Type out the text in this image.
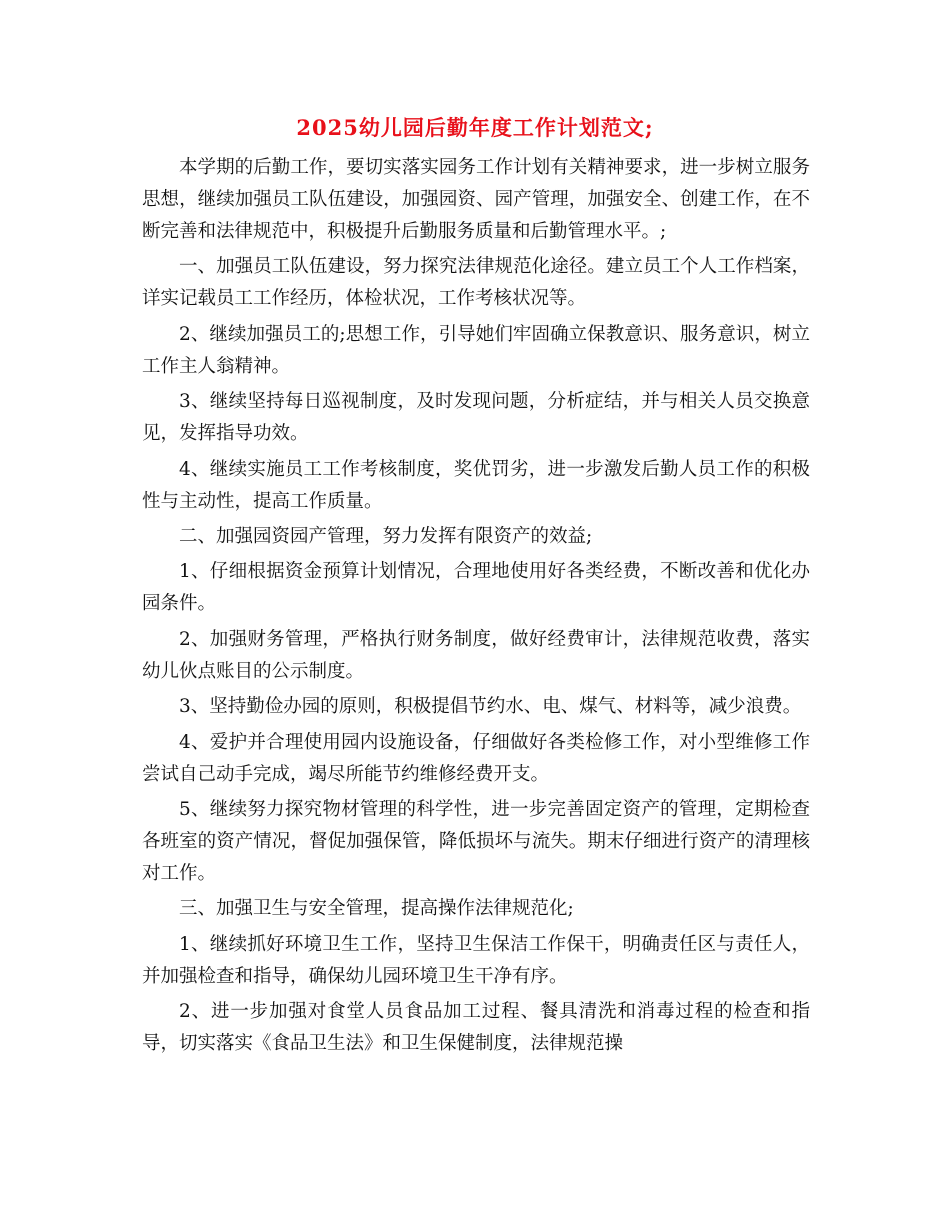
2025幼儿园后勤年度工作计划范文;

本学期的后勤工作，要切实落实园务工作计划有关精神要求，进一步树立服务思想，继续加强员工队伍建设，加强园资、园产管理，加强安全、创建工作，在不断完善和法律规范中，积极提升后勤服务质量和后勤管理水平。;

一、加强员工队伍建设，努力探究法律规范化途径。建立员工个人工作档案，详实记载员工工作经历，体检状况，工作考核状况等。

2、继续加强员工的;思想工作，引导她们牢固确立保教意识、服务意识，树立工作主人翁精神。

3、继续坚持每日巡视制度，及时发现问题，分析症结，并与相关人员交换意见，发挥指导功效。

4、继续实施员工工作考核制度，奖优罚劣，进一步激发后勤人员工作的积极性与主动性，提高工作质量。

二、加强园资园产管理，努力发挥有限资产的效益;

1、仔细根据资金预算计划情况，合理地使用好各类经费，不断改善和优化办园条件。

2、加强财务管理，严格执行财务制度，做好经费审计，法律规范收费，落实幼儿伙点账目的公示制度。

3、坚持勤俭办园的原则，积极提倡节约水、电、煤气、材料等，减少浪费。

4、爱护并合理使用园内设施设备，仔细做好各类检修工作，对小型维修工作尝试自己动手完成，竭尽所能节约维修经费开支。

5、继续努力探究物材管理的科学性，进一步完善固定资产的管理，定期检查各班室的资产情况，督促加强保管，降低损坏与流失。期末仔细进行资产的清理核对工作。

三、加强卫生与安全管理，提高操作法律规范化;

1、继续抓好环境卫生工作，坚持卫生保洁工作保干，明确责任区与责任人，并加强检查和指导，确保幼儿园环境卫生干净有序。

2、进一步加强对食堂人员食品加工过程、餐具清洗和消毒过程的检查和指导，切实落实《食品卫生法》和卫生保健制度，法律规范操
